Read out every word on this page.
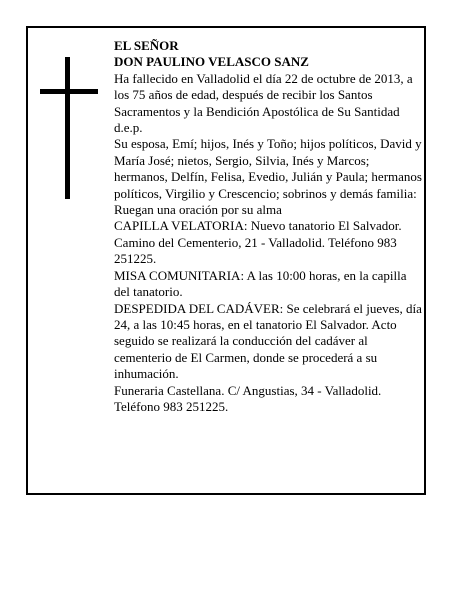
EL SEÑOR

DON PAULINO VELASCO SANZ

Ha fallecido en Valladolid el día 22 de octubre de 2013, a los 75 años de edad, después de recibir los Santos Sacramentos y la Bendición Apostólica de Su Santidad d.e.p.

Su esposa, Emí; hijos, Inés y Toño; hijos políticos, David y María José; nietos, Sergio, Silvia, Inés y Marcos; hermanos, Delfín, Felisa, Evedio, Julián y Paula; hermanos políticos, Virgilio y Crescencio; sobrinos y demás familia:

Ruegan una oración por su alma

CAPILLA VELATORIA: Nuevo tanatorio El Salvador. Camino del Cementerio, 21 - Valladolid. Teléfono 983 251225.

MISA COMUNITARIA: A las 10:00 horas, en la capilla del tanatorio.

DESPEDIDA DEL CADÁVER: Se celebrará el jueves, día 24, a las 10:45 horas, en el tanatorio El Salvador. Acto seguido se realizará la conducción del cadáver al cementerio de El Carmen, donde se procederá a su inhumación.

Funeraria Castellana. C/ Angustias, 34 - Valladolid. Teléfono 983 251225.
